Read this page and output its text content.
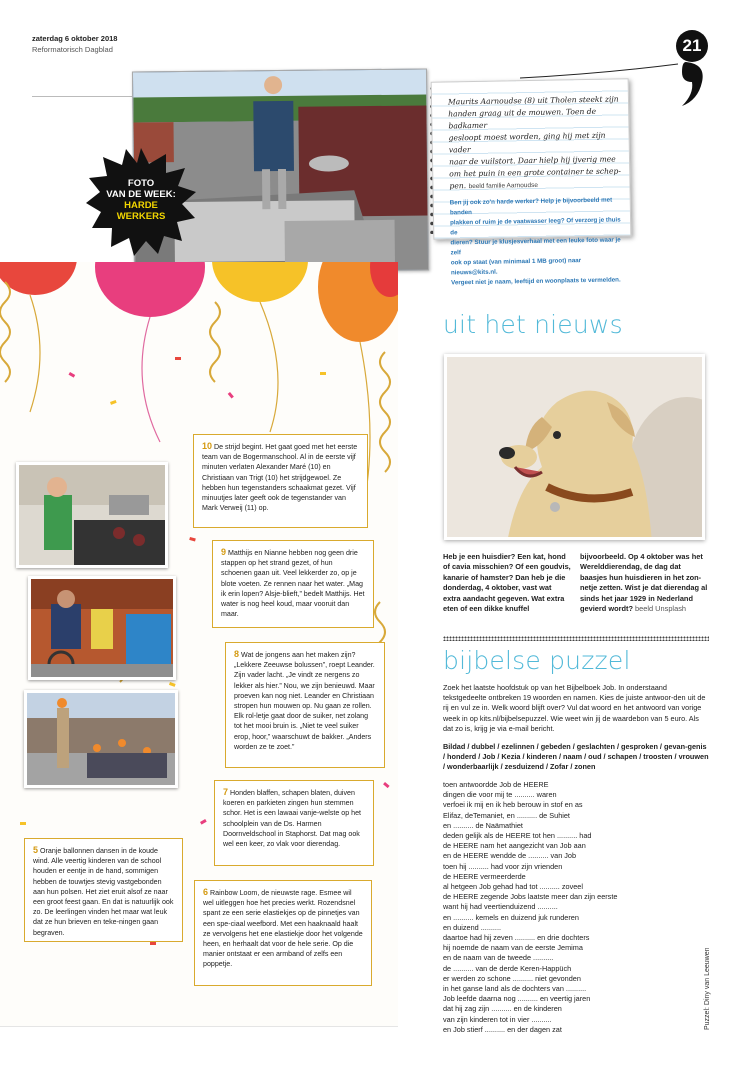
zaterdag 6 oktober 2018
Reformatorisch Dagblad	21
FOTO
VAN DE WEEK:
HARDE
WERKERS
Maurits Aarnoudse (8) uit Tholen steekt zijn
handen graag uit de mouwen. Toen de badkamer
gesloopt moest worden, ging hij met zijn vader
naar de vuilstort. Daar hielp hij ijverig mee
om het puin in een grote container te schep-
pen. beeld familie Aarnoudse
Ben jij ook zo'n harde werker? Help je bijvoorbeeld met banden
plakken of ruim je de vaatwasser leeg? Of verzorg je thuis de
dieren? Stuur je klusjesverhaal met een leuke foto waar je zelf
ook op staat (van minimaal 1 MB groot) naar nieuws@kits.nl.
Vergeet niet je naam, leeftijd en woonplaats te vermelden.
10 De strijd begint. Het gaat goed met het eerste team van de Bogermanschool. Al in de eerste vijf minuten verlaten Alexander Maré (10) en Christiaan van Trigt (10) het strijdgewoel. Ze hebben hun tegenstanders schaakmat gezet. Vijf minuutjes later geeft ook de tegenstander van Mark Verweij (11) op.
9 Matthijs en Nianne hebben nog geen drie stappen op het strand gezet, of hun schoenen gaan uit. Veel lekkerder zo, op je blote voeten. Ze rennen naar het water. „Mag ik erin lopen? Alsje-blieft,” bedelt Matthijs. Het water is nog heel koud, maar vooruit dan maar.
8 Wat de jongens aan het maken zijn? „Lekkere Zeeuwse bolussen”, roept Leander. Zijn vader lacht. „Je vindt ze nergens zo lekker als hier.” Nou, we zijn benieuwd. Maar proeven kan nog niet. Leander en Christiaan stropen hun mouwen op. Nu gaan ze rollen. Elk rol-letje gaat door de suiker, net zolang tot het mooi bruin is. „Niet te veel suiker erop, hoor,” waarschuwt de bakker. „Anders worden ze te zoet.”
7 Honden blaffen, schapen blaten, duiven koeren en parkieten zingen hun stemmen schor. Het is een lawaai vanje-welste op het schoolplein van de Ds. Harmen Doornveldschool in Staphorst. Dat mag ook wel een keer, zo vlak voor dierendag.
6 Rainbow Loom, de nieuwste rage. Esmee wil wel uitleggen hoe het precies werkt. Rozendsnel spant ze een serie elastiekjes op de pinnetjes van een spe-ciaal weefbord. Met een haaknaald haalt ze vervolgens het ene elastiekje door het volgende heen, en herhaalt dat voor de hele serie. Op die manier ontstaat er een armband of zelfs een poppetje.
5 Oranje ballonnen dansen in de koude wind. Alle veertig kinderen van de school houden er eentje in de hand, sommigen hebben de touwtjes stevig vastgebonden aan hun polsen. Het ziet eruit alsof ze naar een groot feest gaan. En dat is natuurlijk ook zo. De leerlingen vinden het maar wat leuk dat ze hun brieven en teke-ningen gaan begraven.
uit het nieuws
Heb je een huisdier? Een kat, hond of cavia misschien? Of een goudvis, kanarie of hamster? Dan heb je die donderdag, 4 oktober, vast wat extra aandacht gegeven. Wat extra eten of een dikke knuffel
bijvoorbeeld. Op 4 oktober was het Werelddierendag, de dag dat baasjes hun huisdieren in het zon-netje zetten. Wist je dat dierendag al sinds het jaar 1929 in Nederland gevierd wordt? beeld Unsplash
bijbelse puzzel
Zoek het laatste hoofdstuk op van het Bijbelboek Job. In onderstaand tekstgedeelte ontbreken 19 woorden en namen. Kies de juiste antwoor-den uit de rij en vul ze in. Welk woord blijft over? Vul dat woord en het antwoord van vorige week in op kits.nl/bijbelsepuzzel. Wie weet win jij de waardebon van 5 euro. Als dat zo is, krijg je via e-mail bericht.
Bildad / dubbel / ezelinnen / gebeden / geslachten / gesproken / gevan-genis / honderd / Job / Kezia / kinderen / naam / oud / schapen / troosten / vrouwen / wonderbaarlijk / zesduizend / Zofar / zonen
toen antwoordde Job de HEERE
dingen die voor mij te .......... waren
verfoei ik mij en ik heb berouw in stof en as
Elifaz, deTemaniet, en .......... de Suhiet
en .......... de Naämathiet
deden gelijk als de HEERE tot hen .......... had
de HEERE nam het aangezicht van Job aan
en de HEERE wendde de .......... van Job
toen hij .......... had voor zijn vrienden
de HEERE vermeerderde
al hetgeen Job gehad had tot .......... zoveel
de HEERE zegende Jobs laatste meer dan zijn eerste
want hij had veertienduizend ..........
en .......... kemels en duizend juk runderen
en duizend ..........
daartoe had hij zeven .......... en drie dochters
hij noemde de naam van de eerste Jemima
en de naam van de tweede ..........
de .......... van de derde Keren-Happüch
er werden zo schone .......... niet gevonden
in het ganse land als de dochters van ..........
Job leefde daarna nog .......... en veertig jaren
dat hij zag zijn .......... en de kinderen
van zijn kinderen tot in vier ..........
en Job stierf .......... en der dagen zat	Puzzel: Diny van Leeuwen
